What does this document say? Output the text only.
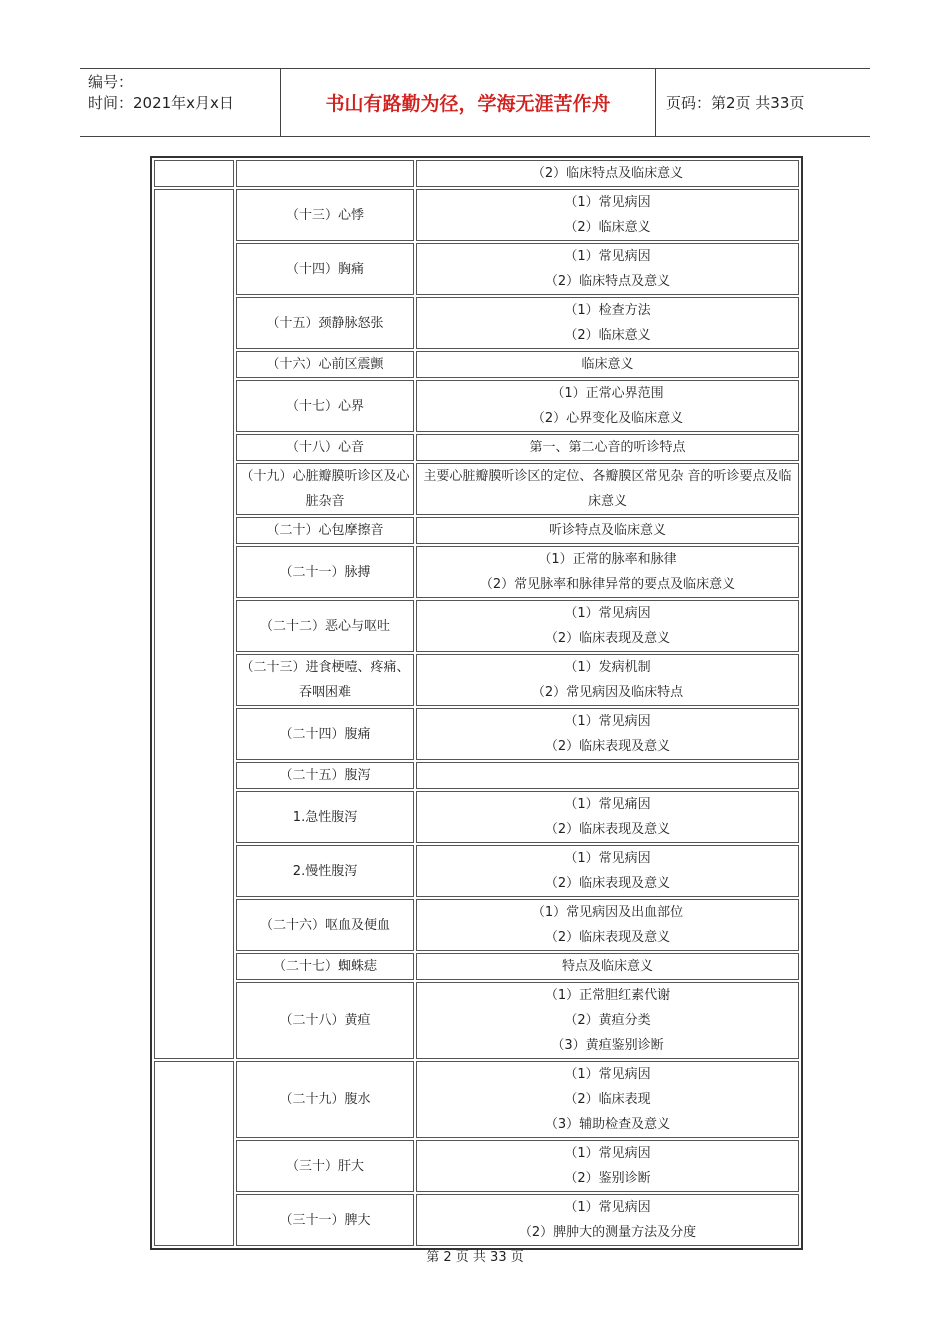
编号：
时间：2021年x月x日	书山有路勤为径，学海无涯苦作舟	页码：第2页 共33页

		（2）临床特点及临床意义

	（十三）心悸	（1）常见病因
（2）临床意义

	（十四）胸痛	（1）常见病因
（2）临床特点及意义

	（十五）颈静脉怒张	（1）检查方法
（2）临床意义

	（十六）心前区震颤	临床意义

	（十七）心界	（1）正常心界范围
（2）心界变化及临床意义

	（十八）心音	第一、第二心音的听诊特点

	（十九）心脏瓣膜听诊区及心脏杂音	主要心脏瓣膜听诊区的定位、各瓣膜区常见杂 音的听诊要点及临床意义

	（二十）心包摩擦音	听诊特点及临床意义

	（二十一）脉搏	（1）正常的脉率和脉律
（2）常见脉率和脉律异常的要点及临床意义

	（二十二）恶心与呕吐	（1）常见病因
（2）临床表现及意义

	（二十三）进食梗噎、疼痛、吞咽困难	（1）发病机制
（2）常见病因及临床特点

	（二十四）腹痛	（1）常见病因
（2）临床表现及意义

	（二十五）腹泻	

	1.急性腹泻	（1）常见痛因
（2）临床表现及意义

	2.慢性腹泻	（1）常见病因
（2）临床表现及意义

	（二十六）呕血及便血	（1）常见病因及出血部位
（2）临床表现及意义

	（二十七）蜘蛛痣	特点及临床意义

	（二十八）黄疸	（1）正常胆红素代谢
（2）黄疸分类
（3）黄疸鉴别诊断

	（二十九）腹水	（1）常见病因
（2）临床表现
（3）辅助检查及意义

	（三十）肝大	（1）常见病因
（2）鉴别诊断

	（三十一）脾大	（1）常见病因
（2）脾肿大的测量方法及分度
第 2 页 共 33 页
